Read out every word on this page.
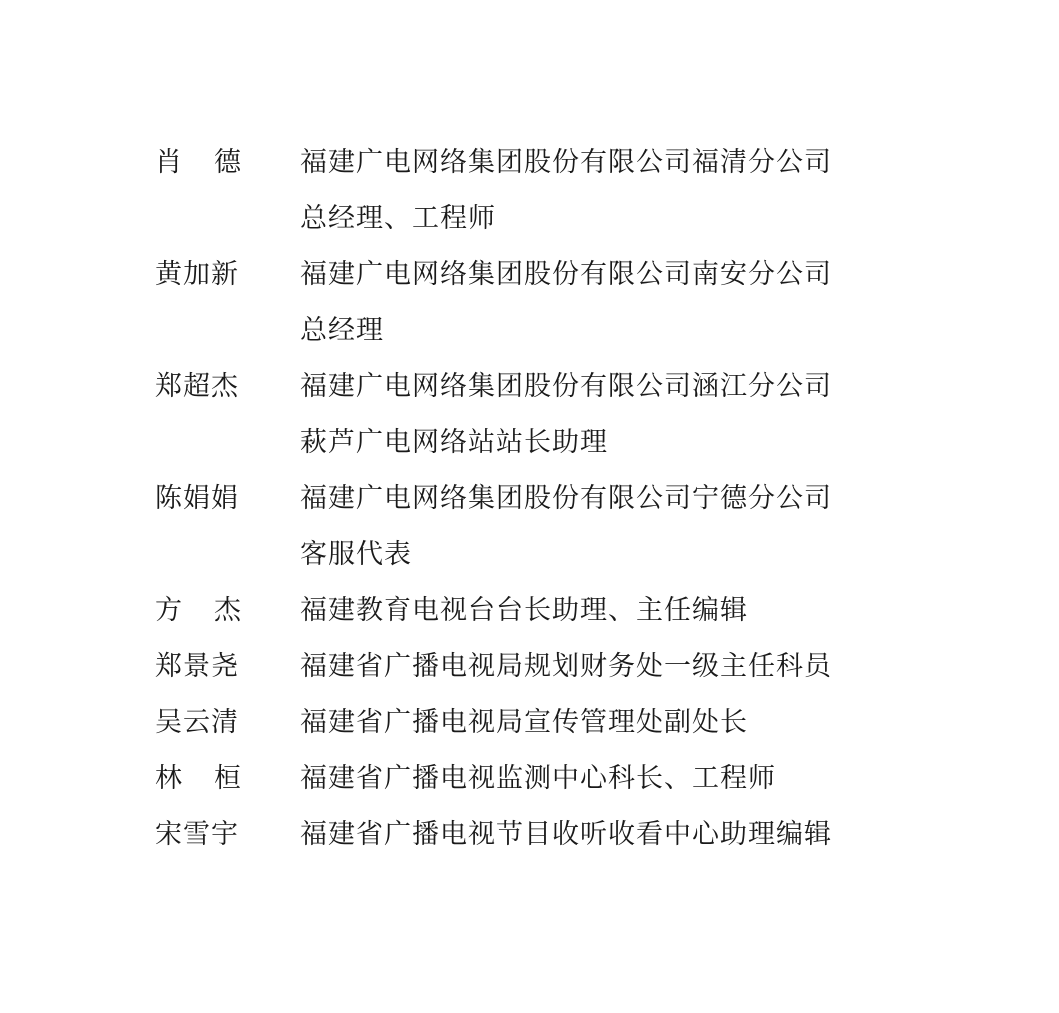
肖 德	福建广电网络集团股份有限公司福清分公司
总经理、工程师
黄加新	福建广电网络集团股份有限公司南安分公司
总经理
郑超杰	福建广电网络集团股份有限公司涵江分公司
萩芦广电网络站站长助理
陈娟娟	福建广电网络集团股份有限公司宁德分公司
客服代表
方 杰	福建教育电视台台长助理、主任编辑
郑景尧	福建省广播电视局规划财务处一级主任科员
吴云清	福建省广播电视局宣传管理处副处长
林 桓	福建省广播电视监测中心科长、工程师
宋雪宇	福建省广播电视节目收听收看中心助理编辑
